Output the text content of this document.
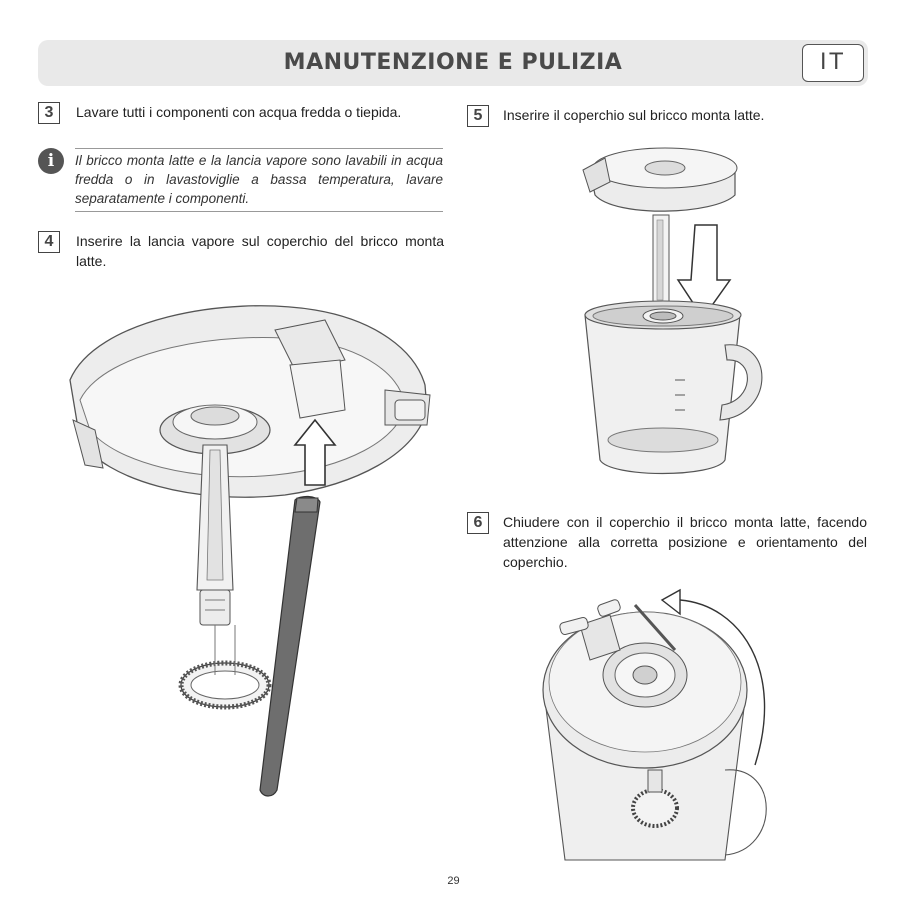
MANUTENZIONE E PULIZIA	IT
3	Lavare tutti i componenti con acqua fredda o tiepida.
i	Il bricco monta latte e la lancia vapore sono lavabili in acqua fredda o in lavastoviglie a bassa temperatura, lavare separatamente i componenti.
4	Inserire la lancia vapore sul coperchio del bricco monta latte.
5	Inserire il coperchio sul bricco monta latte.
6	Chiudere con il coperchio il bricco monta latte, facendo attenzione alla corretta posizione e orientamento del coperchio.
29
